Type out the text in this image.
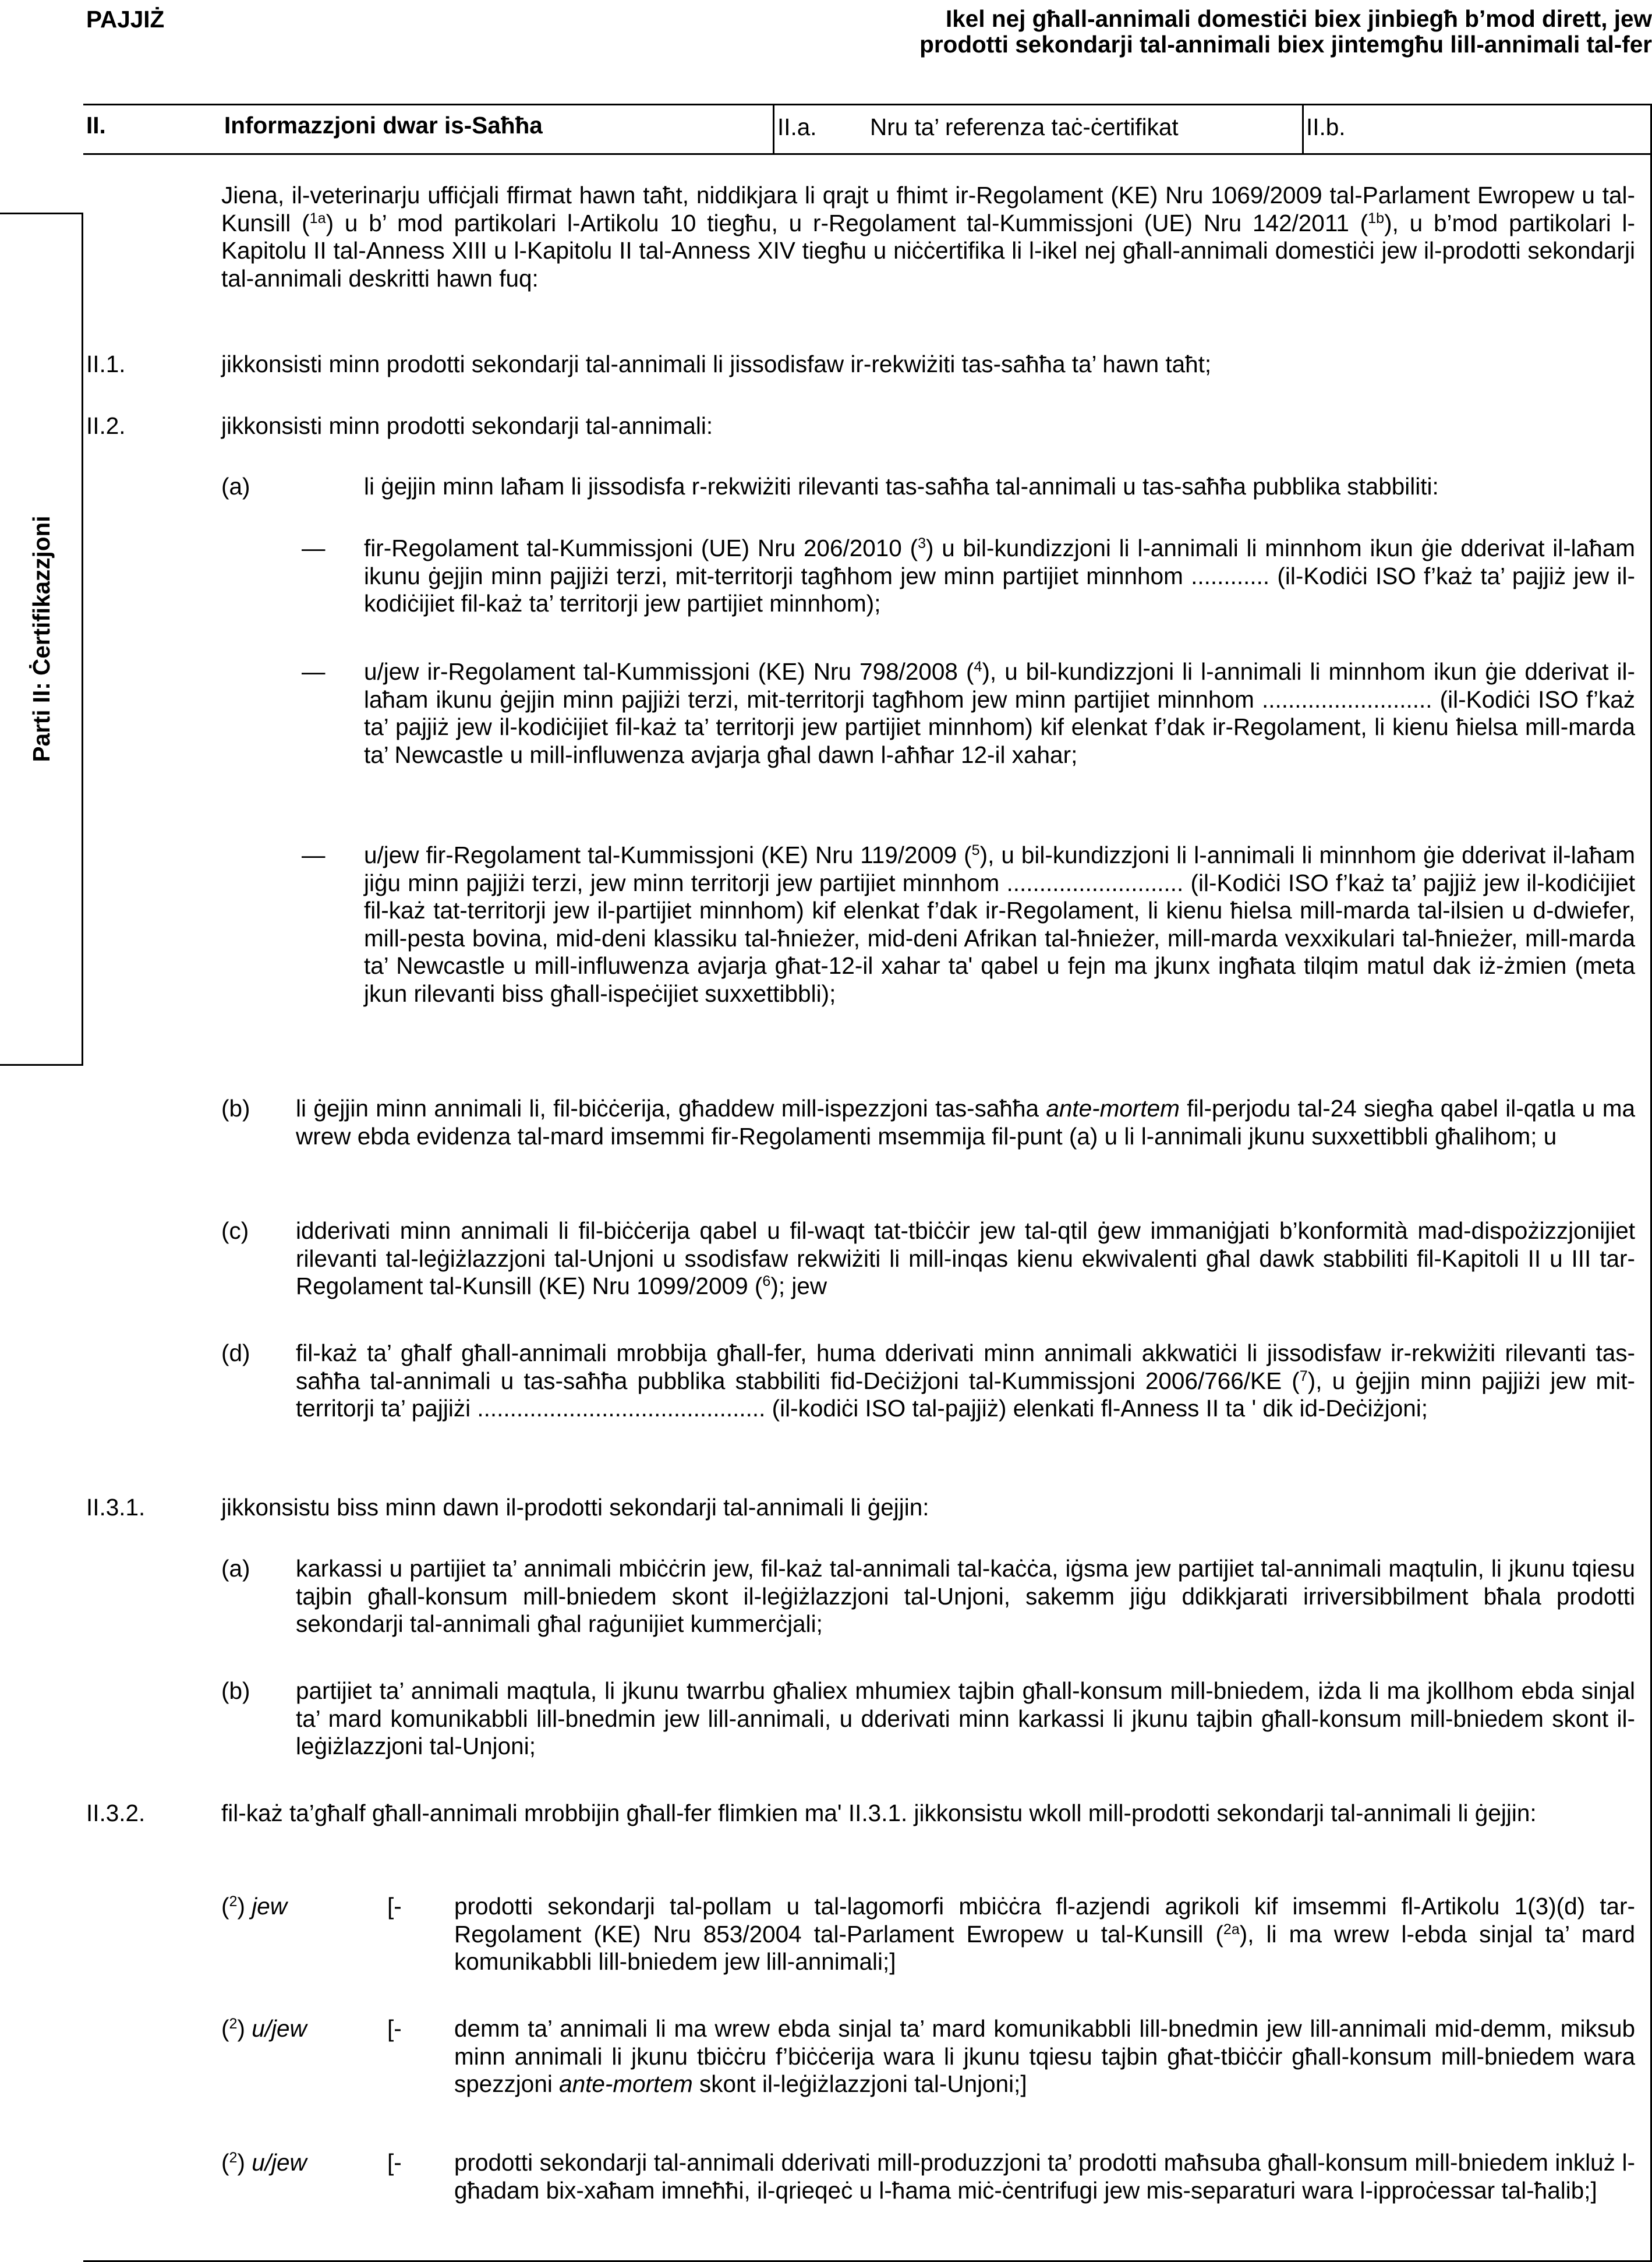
PAJJIŻ	Ikel nej għall-annimali domestiċi biex jinbiegħ b’mod dirett, jew prodotti sekondarji tal-annimali biex jintemgħu lill-annimali tal-fer
II.	Informazzjoni dwar is-Saħħa	II.a. Nru ta’ referenza taċ-ċertifikat	II.b.
Parti II: Ċertifikazzjoni
Jiena, il-veterinarju uffiċjali ffirmat hawn taħt, niddikjara li qrajt u fhimt ir-Regolament (KE) Nru 1069/2009 tal-Parlament Ewropew u tal-Kunsill ($^{1a}$) u b’ mod partikolari l-Artikolu 10 tiegħu, u r-Regolament tal-Kummissjoni (UE) Nru 142/2011 ($^{1b}$), u b’mod partikolari l-Kapitolu II tal-Anness XIII u l-Kapitolu II tal-Anness XIV tiegħu u niċċertifika li l-ikel nej għall-annimali domestiċi jew il-prodotti sekondarji tal-annimali deskritti hawn fuq:
II.1.	jikkonsisti minn prodotti sekondarji tal-annimali li jissodisfaw ir-rekwiżiti tas-saħħa ta’ hawn taħt;
II.2.	jikkonsisti minn prodotti sekondarji tal-annimali:
(a)	li ġejjin minn laħam li jissodisfa r-rekwiżiti rilevanti tas-saħħa tal-annimali u tas-saħħa pubblika stabbiliti:
— fir-Regolament tal-Kummissjoni (UE) Nru 206/2010 ($^3$) u bil-kundizzjoni li l-annimali li minnhom ikun ġie dderivat il-laħam ikunu ġejjin minn pajjiżi terzi, mit-territorji tagħhom jew minn partijiet minnhom ............ (il-Kodiċi ISO f’każ ta’ pajjiż jew il-kodiċijiet fil-każ ta’ territorji jew partijiet minnhom);
— u/jew ir-Regolament tal-Kummissjoni (KE) Nru 798/2008 ($^4$), u bil-kundizzjoni li l-annimali li minnhom ikun ġie dderivat il-laħam ikunu ġejjin minn pajjiżi terzi, mit-territorji tagħhom jew minn partijiet minnhom .......................... (il-Kodiċi ISO f’każ ta’ pajjiż jew il-kodiċijiet fil-każ ta’ territorji jew partijiet minnhom) kif elenkat f’dak ir-Regolament, li kienu ħielsa mill-marda ta’ Newcastle u mill-influwenza avjarja għal dawn l-aħħar 12-il xahar;
— u/jew fir-Regolament tal-Kummissjoni (KE) Nru 119/2009 ($^5$), u bil-kundizzjoni li l-annimali li minnhom ġie dderivat il-laħam jiġu minn pajjiżi terzi, jew minn territorji jew partijiet minnhom ........................... (il-Kodiċi ISO f’każ ta’ pajjiż jew il-kodiċijiet fil-każ tat-territorji jew il-partijiet minnhom) kif elenkat f’dak ir-Regolament, li kienu ħielsa mill-marda tal-ilsien u d-dwiefer, mill-pesta bovina, mid-deni klassiku tal-ħnieżer, mid-deni Afrikan tal-ħnieżer, mill-marda vexxikulari tal-ħnieżer, mill-marda ta’ Newcastle u mill-influwenza avjarja għat-12-il xahar ta' qabel u fejn ma jkunx ingħata tilqim matul dak iż-żmien (meta jkun rilevanti biss għall-ispeċijiet suxxettibbli);
(b) li ġejjin minn annimali li, fil-biċċerija, għaddew mill-ispezzjoni tas-saħħa ante-mortem fil-perjodu tal-24 siegħa qabel il-qatla u ma wrew ebda evidenza tal-mard imsemmi fir-Regolamenti msemmija fil-punt (a) u li l-annimali jkunu suxxettibbli għalihom; u
(c) idderivati minn annimali li fil-biċċerija qabel u fil-waqt tat-tbiċċir jew tal-qtil ġew immaniġjati b’konformità mad-dispożizzjonijiet rilevanti tal-leġiżlazzjoni tal-Unjoni u ssodisfaw rekwiżiti li mill-inqas kienu ekwivalenti għal dawk stabbiliti fil-Kapitoli II u III tar-Regolament tal-Kunsill (KE) Nru 1099/2009 ($^6$); jew
(d) fil-każ ta’ għalf għall-annimali mrobbija għall-fer, huma dderivati minn annimali akkwatiċi li jissodisfaw ir-rekwiżiti rilevanti tas-saħħa tal-annimali u tas-saħħa pubblika stabbiliti fid-Deċiżjoni tal-Kummissjoni 2006/766/KE ($^7$), u ġejjin minn pajjiżi jew mit-territorji ta’ pajjiżi ............................................ (il-kodiċi ISO tal-pajjiż) elenkati fl-Anness II ta ' dik id-Deċiżjoni;
II.3.1.	jikkonsistu biss minn dawn il-prodotti sekondarji tal-annimali li ġejjin:
(a) karkassi u partijiet ta’ annimali mbiċċrin jew, fil-każ tal-annimali tal-kaċċa, iġsma jew partijiet tal-annimali maqtulin, li jkunu tqiesu tajbin għall-konsum mill-bniedem skont il-leġiżlazzjoni tal-Unjoni, sakemm jiġu ddikkjarati irriversibbilment bħala prodotti sekondarji tal-annimali għal raġunijiet kummerċjali;
(b) partijiet ta’ annimali maqtula, li jkunu twarrbu għaliex mhumiex tajbin għall-konsum mill-bniedem, iżda li ma jkollhom ebda sinjal ta’ mard komunikabbli lill-bnedmin jew lill-annimali, u dderivati minn karkassi li jkunu tajbin għall-konsum mill-bniedem skont il-leġiżlazzjoni tal-Unjoni;
II.3.2.	fil-każ ta’għalf għall-annimali mrobbijin għall-fer flimkien ma' II.3.1. jikkonsistu wkoll mill-prodotti sekondarji tal-annimali li ġejjin:
($^2$) jew	[- prodotti sekondarji tal-pollam u tal-lagomorfi mbiċċra fl-azjendi agrikoli kif imsemmi fl-Artikolu 1(3)(d) tar-Regolament (KE) Nru 853/2004 tal-Parlament Ewropew u tal-Kunsill ($^{2a}$), li ma wrew l-ebda sinjal ta’ mard komunikabbli lill-bniedem jew lill-annimali;]
($^2$) u/jew	[- demm ta’ annimali li ma wrew ebda sinjal ta’ mard komunikabbli lill-bnedmin jew lill-annimali mid-demm, miksub minn annimali li jkunu tbiċċru f’biċċerija wara li jkunu tqiesu tajbin għat-tbiċċir għall-konsum mill-bniedem wara spezzjoni ante-mortem skont il-leġiżlazzjoni tal-Unjoni;]
($^2$) u/jew	[- prodotti sekondarji tal-annimali dderivati mill-produzzjoni ta’ prodotti maħsuba għall-konsum mill-bniedem inkluż l-għadam bix-xaħam imneħħi, il-qrieqeċ u l-ħama miċ-ċentrifugi jew mis-separaturi wara l-ipproċessar tal-ħalib;]
